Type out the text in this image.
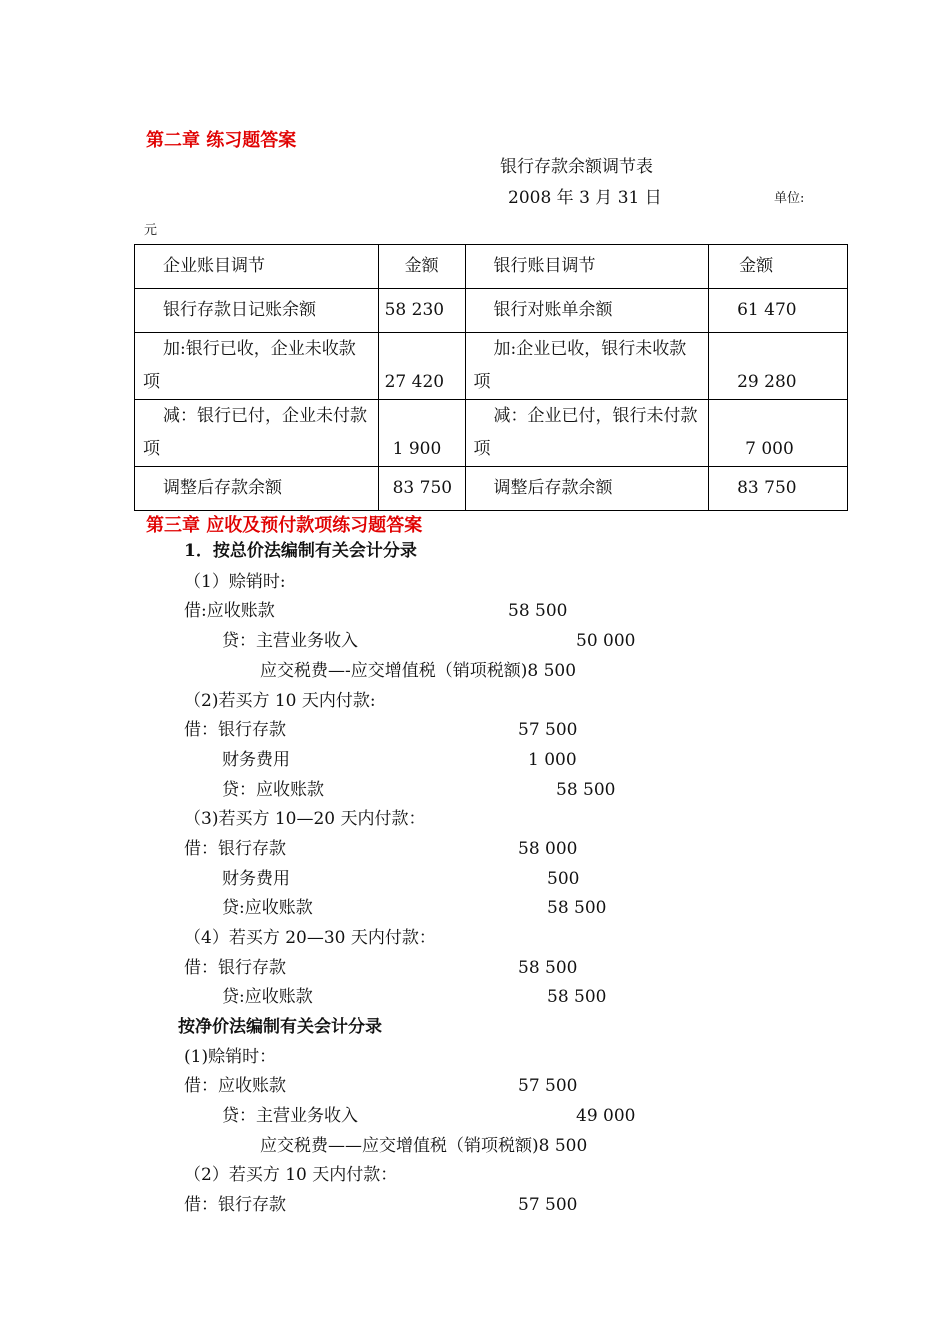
第二章 练习题答案
银行存款余额调节表
2008 年 3 月 31 日	单位:
元
企业账目调节	金额	银行账目调节	金额
银行存款日记账余额	58 230	银行对账单余额	61 470
加:银行已收，企业未收款项	27 420	加:企业已收，银行未收款项	29 280
减：银行已付，企业未付款项	1 900	减：企业已付，银行未付款项	7 000
调整后存款余额	83 750	调整后存款余额	83 750
第三章 应收及预付款项练习题答案
1．按总价法编制有关会计分录
（1）赊销时:
借:应收账款	58 500
贷：主营业务收入	50 000
应交税费—-应交增值税（销项税额)8 500
（2)若买方 10 天内付款:
借：银行存款	57 500
财务费用	1 000
贷：应收账款	58 500
（3)若买方 10—20 天内付款：
借：银行存款	58 000
财务费用	500
贷:应收账款	58 500
（4）若买方 20—30 天内付款：
借：银行存款	58 500
贷:应收账款	58 500
按净价法编制有关会计分录
(1)赊销时：
借：应收账款	57 500
贷：主营业务收入	49 000
应交税费——应交增值税（销项税额)8 500
（2）若买方 10 天内付款：
借：银行存款	57 500
